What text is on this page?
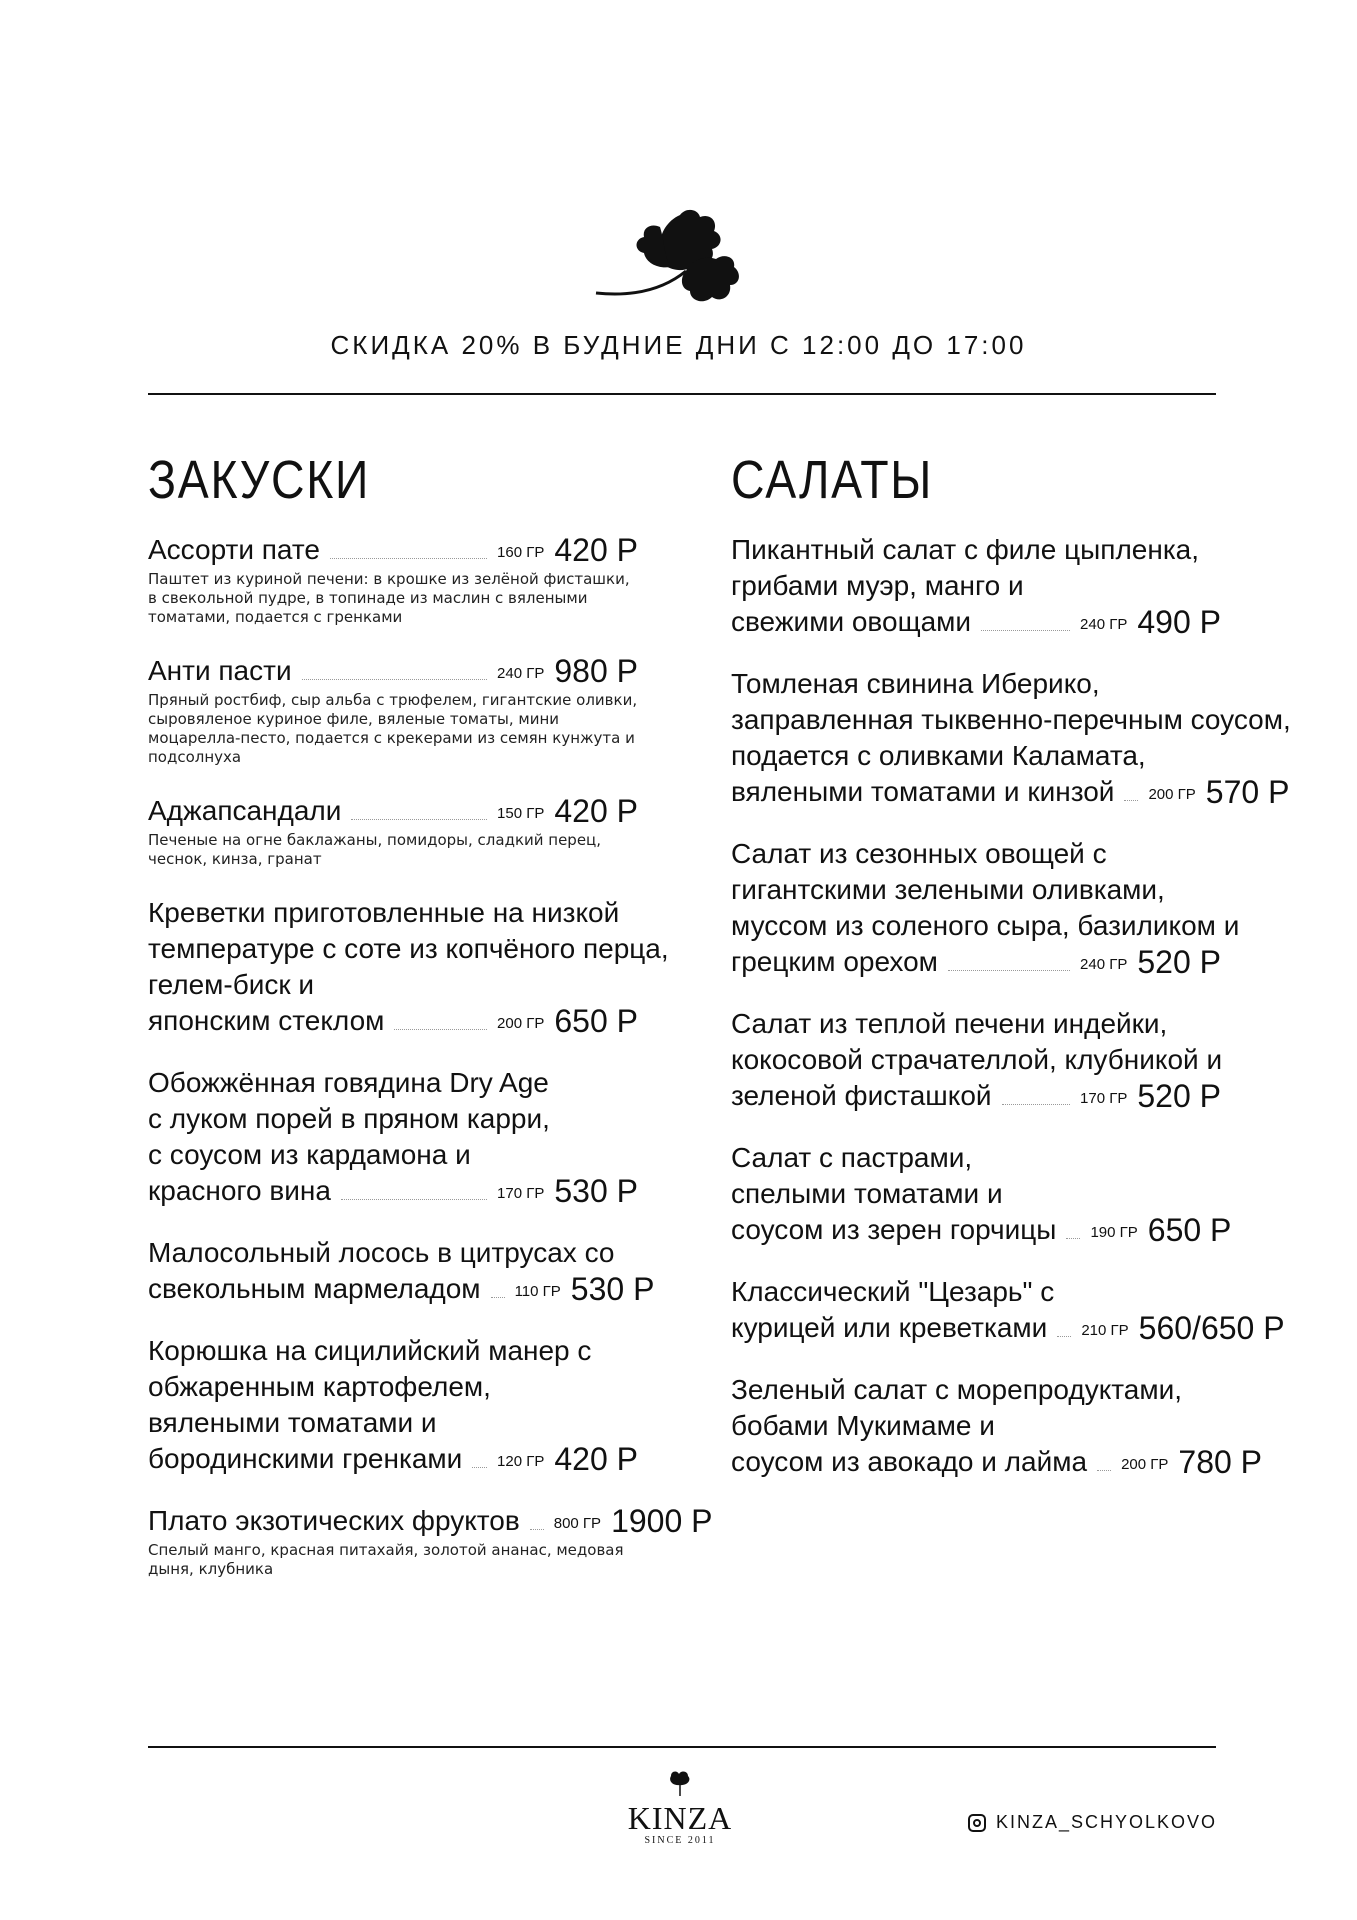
СКИДКА 20% В БУДНИЕ ДНИ С 12:00 ДО 17:00
ЗАКУСКИ
Ассорти пате	160 ГР 420 Р
Паштет из куриной печени: в крошке из зелёной фисташки, в свекольной пудре, в топинаде из маслин с вялеными томатами, подается с гренками
Анти пасти	240 ГР 980 Р
Пряный ростбиф, сыр альба с трюфелем, гигантские оливки, сыровяленое куриное филе, вяленые томаты, мини моцарелла-песто, подается с крекерами из семян кунжута и подсолнуха
Аджапсандали	150 ГР 420 Р
Печеные на огне баклажаны, помидоры, сладкий перец, чеснок, кинза, гранат
Креветки приготовленные на низкой
температуре с соте из копчёного перца,
гелем-биск и
японским стеклом	200 ГР 650 Р
Обожжённая говядина Dry Age
с луком порей в пряном карри,
с соусом из кардамона и
красного вина	170 ГР 530 Р
Малосольный лосось в цитрусах со
свекольным мармеладом 110 ГР 530 Р
Корюшка на сицилийский манер с
обжаренным картофелем,
вялеными томатами и
бородинскими гренками 120 ГР 420 Р
Плато экзотических фруктов 800 ГР 1900 Р
Спелый манго, красная питахайя, золотой ананас, медовая дыня, клубника
САЛАТЫ
Пикантный салат с филе цыпленка,
грибами муэр, манго и
свежими овощами	240 ГР 490 Р
Томленая свинина Иберико,
заправленная тыквенно-перечным соусом,
подается с оливками Каламата,
вялеными томатами и кинзой 200 ГР 570 Р
Салат из сезонных овощей с
гигантскими зелеными оливками,
муссом из соленого сыра, базиликом и
грецким орехом	240 ГР 520 Р
Салат из теплой печени индейки,
кокосовой страчателлой, клубникой и
зеленой фисташкой	170 ГР 520 Р
Салат с пастрами,
спелыми томатами и
соусом из зерен горчицы 190 ГР 650 Р
Классический "Цезарь" с
курицей или креветками 210 ГР 560/650 Р
Зеленый салат с морепродуктами,
бобами Мукимаме и
соусом из авокадо и лайма 200 ГР 780 Р
KINZA
SINCE 2011
KINZA_SCHYOLKOVO
